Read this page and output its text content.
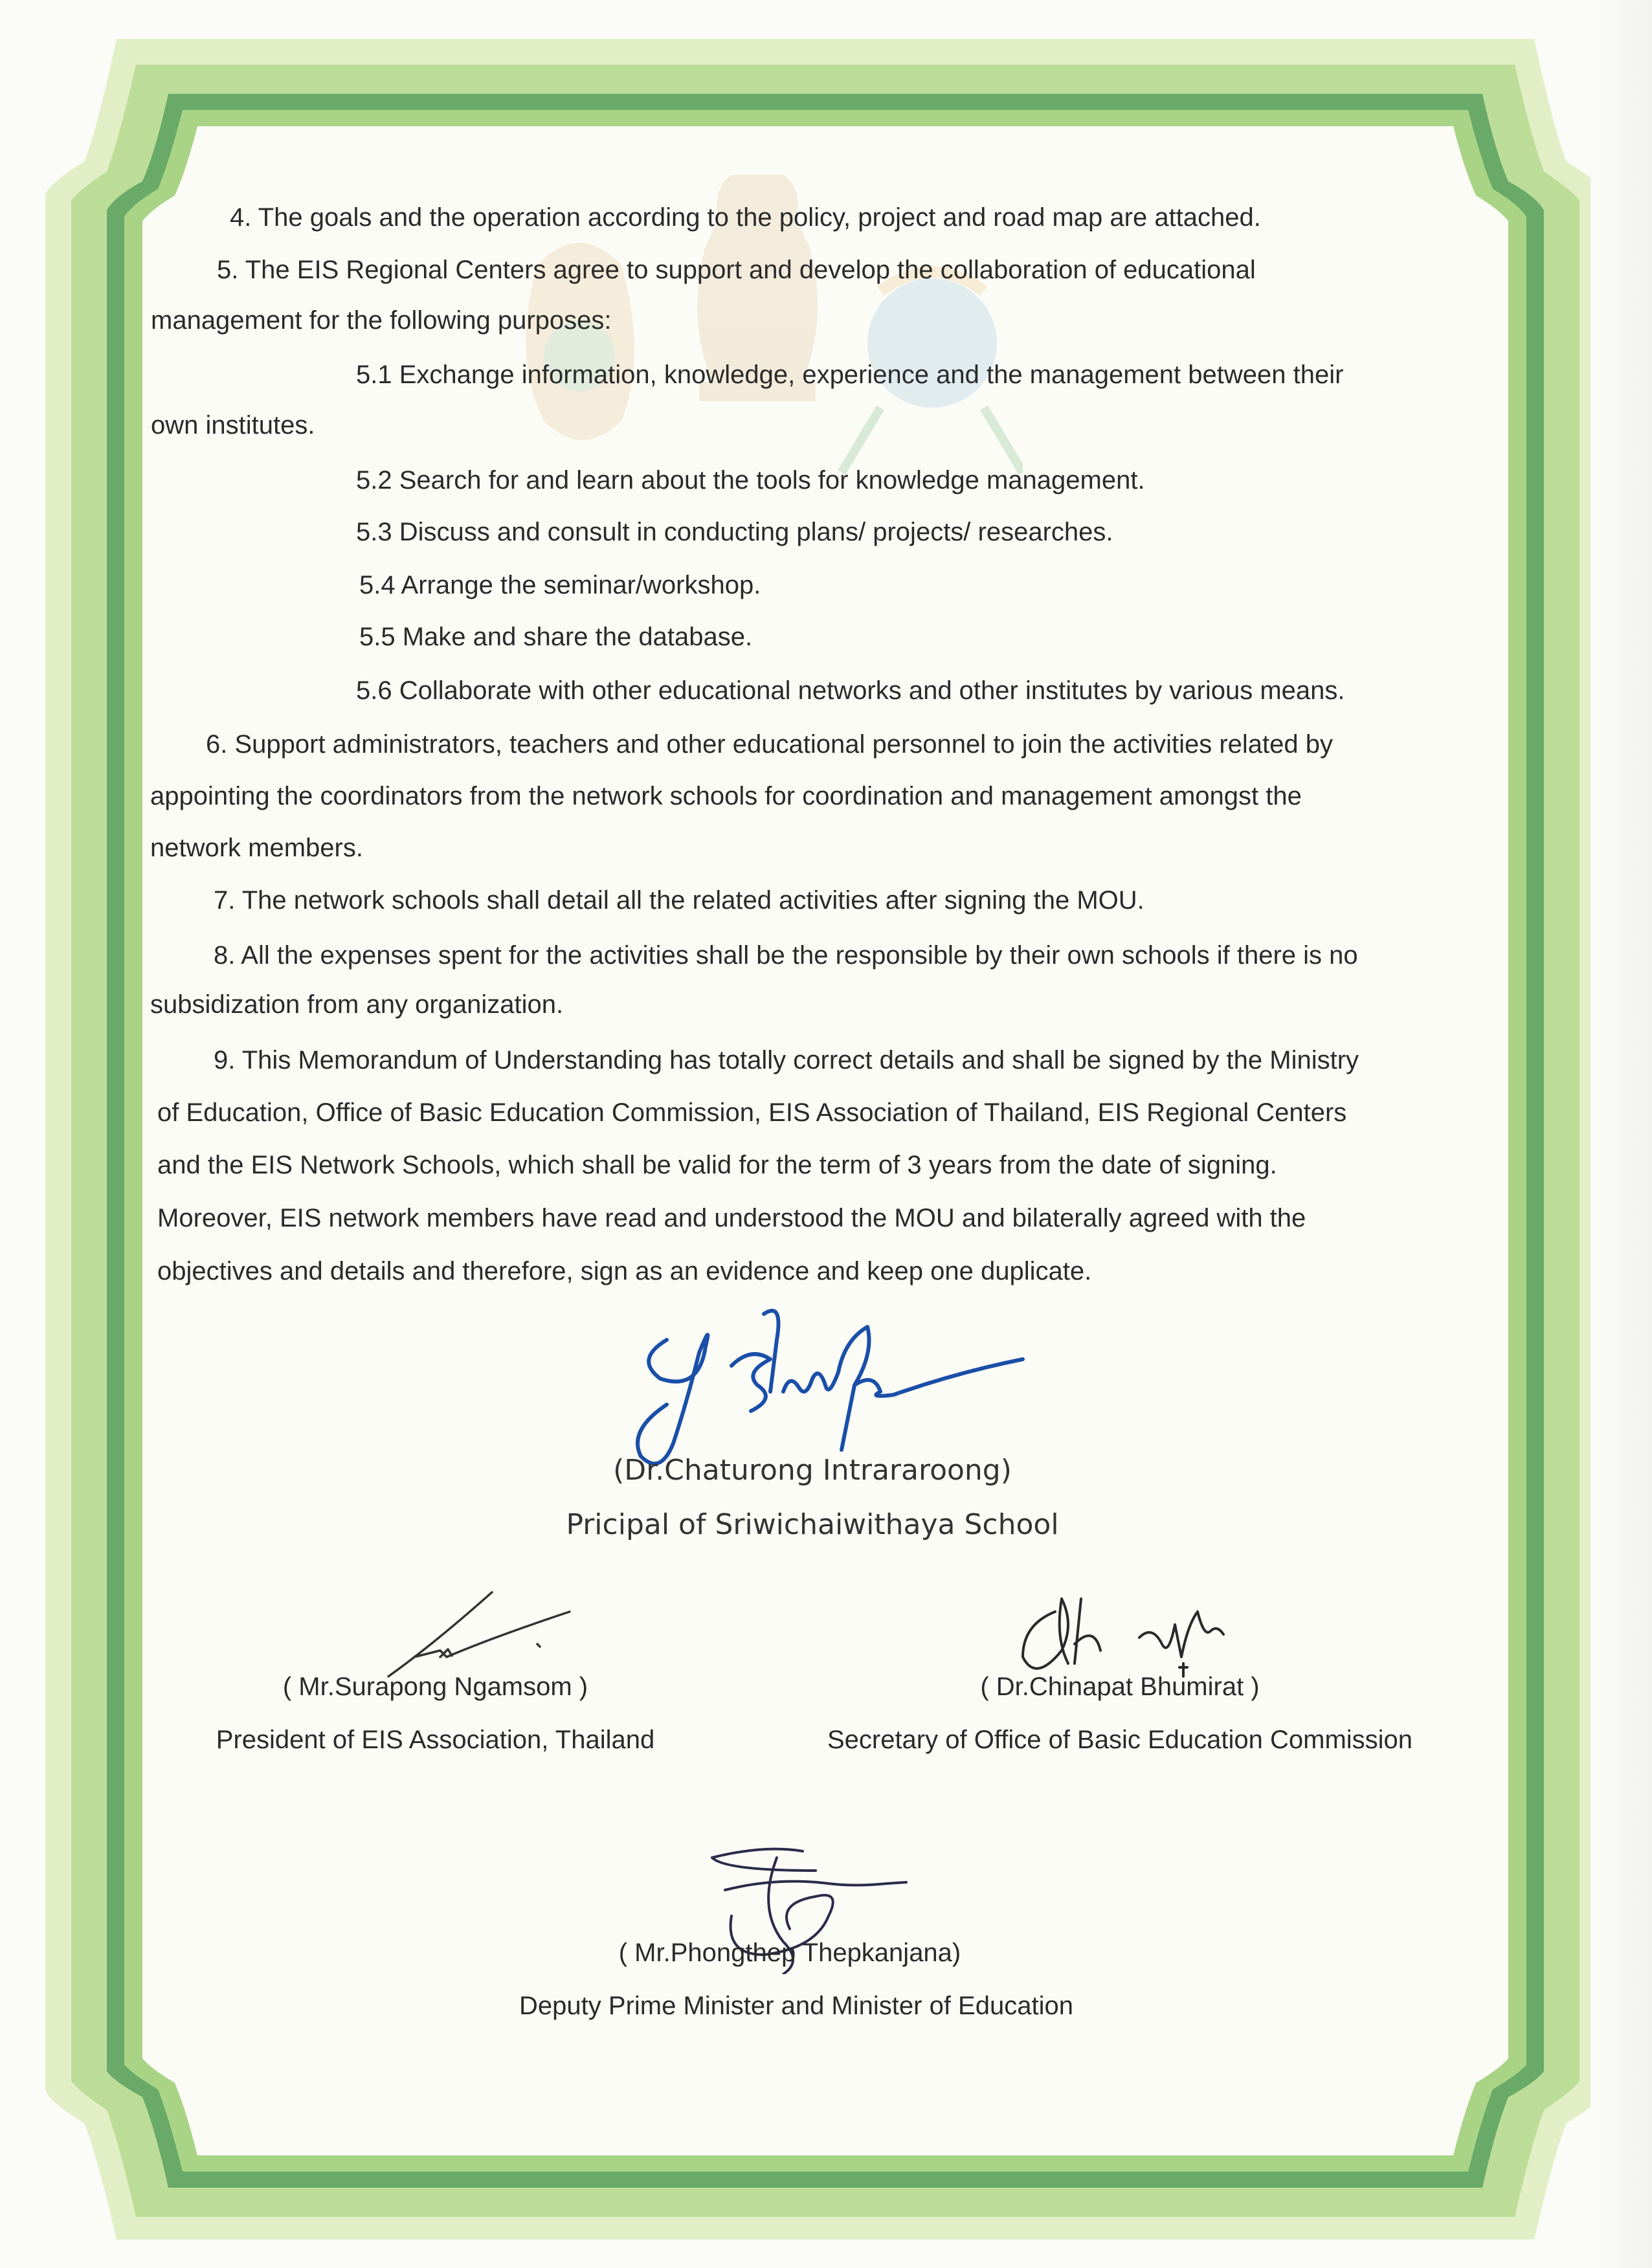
4. The goals and the operation according to the policy, project and road map are attached.

5. The EIS Regional Centers agree to support and develop the collaboration of educational

management for the following purposes:

5.1 Exchange information, knowledge, experience and the management between their

own institutes.

5.2 Search for and learn about the tools for knowledge management.

5.3 Discuss and consult in conducting plans/ projects/ researches.

5.4 Arrange the seminar/workshop.

5.5 Make and share the database.

5.6 Collaborate with other educational networks and other institutes by various means.

6. Support administrators, teachers and other educational personnel to join the activities related by

appointing the coordinators from the network schools for coordination and management amongst the

network members.

7. The network schools shall detail all the related activities after signing the MOU.

8. All the expenses spent for the activities shall be the responsible by their own schools if there is no

subsidization from any organization.

9. This Memorandum of Understanding has totally correct details and shall be signed by the Ministry

of Education, Office of Basic Education Commission, EIS Association of Thailand, EIS Regional Centers

and the EIS Network Schools, which shall be valid for the term of 3 years from the date of signing.

Moreover, EIS network members have read and understood the MOU and bilaterally agreed with the

objectives and details and therefore, sign as an evidence and keep one duplicate.

(Dr.Chaturong Intrararoong)
Pricipal of Sriwichaiwithaya School
( Mr.Surapong Ngamsom )
President of EIS Association, Thailand
( Dr.Chinapat Bhumirat )
Secretary of Office of Basic Education Commission
( Mr.Phongthep Thepkanjana)
Deputy Prime Minister and Minister of Education
